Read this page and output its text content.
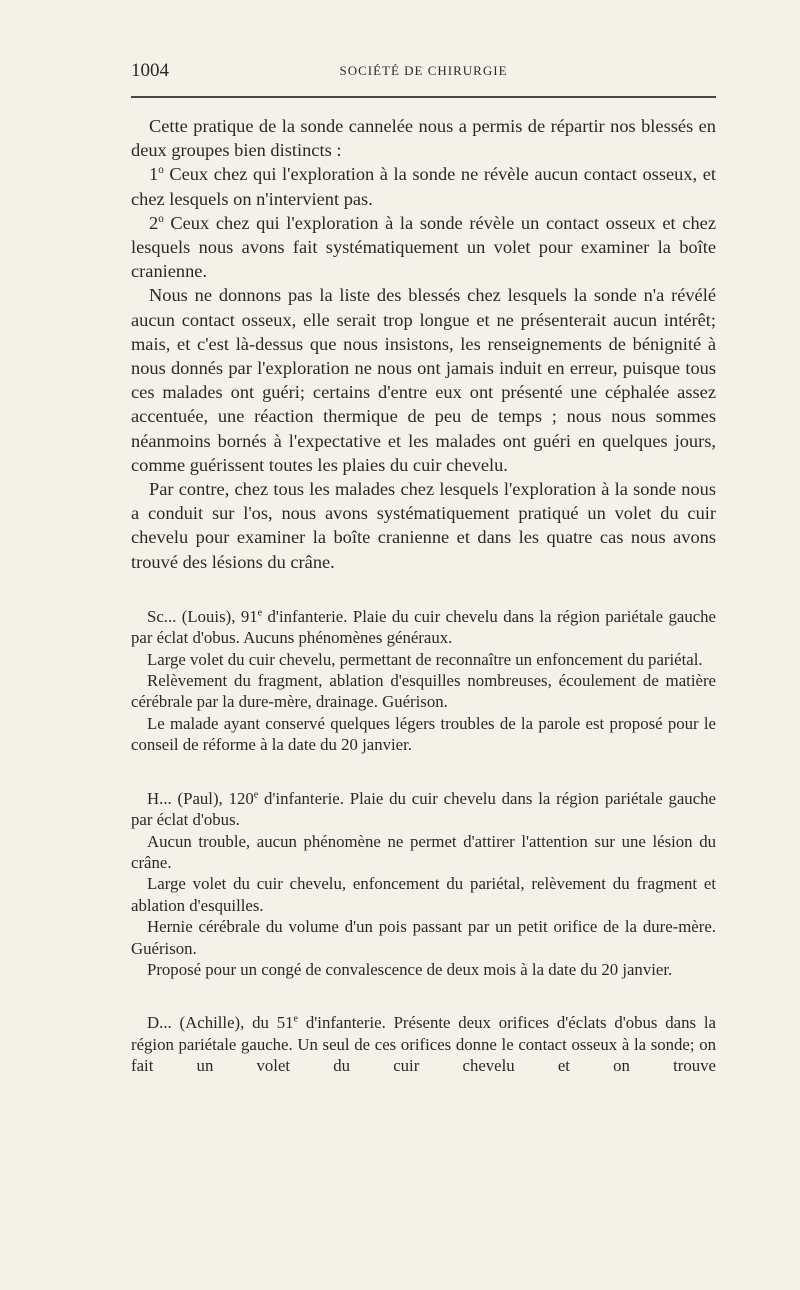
1004	SOCIÉTÉ DE CHIRURGIE

Cette pratique de la sonde cannelée nous a permis de répartir nos blessés en deux groupes bien distincts :

1$^o$ Ceux chez qui l'exploration à la sonde ne révèle aucun contact osseux, et chez lesquels on n'intervient pas.

2$^o$ Ceux chez qui l'exploration à la sonde révèle un contact osseux et chez lesquels nous avons fait systématiquement un volet pour examiner la boîte cranienne.

Nous ne donnons pas la liste des blessés chez lesquels la sonde n'a révélé aucun contact osseux, elle serait trop longue et ne présenterait aucun intérêt; mais, et c'est là-dessus que nous insistons, les renseignements de bénignité à nous donnés par l'exploration ne nous ont jamais induit en erreur, puisque tous ces malades ont guéri; certains d'entre eux ont présenté une céphalée assez accentuée, une réaction thermique de peu de temps ; nous nous sommes néanmoins bornés à l'expectative et les malades ont guéri en quelques jours, comme guérissent toutes les plaies du cuir chevelu.

Par contre, chez tous les malades chez lesquels l'exploration à la sonde nous a conduit sur l'os, nous avons systématiquement pratiqué un volet du cuir chevelu pour examiner la boîte cranienne et dans les quatre cas nous avons trouvé des lésions du crâne.

Sc... (Louis), 91e d'infanterie. Plaie du cuir chevelu dans la région pariétale gauche par éclat d'obus. Aucuns phénomènes généraux.

Large volet du cuir chevelu, permettant de reconnaître un enfoncement du pariétal.

Relèvement du fragment, ablation d'esquilles nombreuses, écoulement de matière cérébrale par la dure-mère, drainage. Guérison.

Le malade ayant conservé quelques légers troubles de la parole est proposé pour le conseil de réforme à la date du 20 janvier.

H... (Paul), 120e d'infanterie. Plaie du cuir chevelu dans la région pariétale gauche par éclat d'obus.

Aucun trouble, aucun phénomène ne permet d'attirer l'attention sur une lésion du crâne.

Large volet du cuir chevelu, enfoncement du pariétal, relèvement du fragment et ablation d'esquilles.

Hernie cérébrale du volume d'un pois passant par un petit orifice de la dure-mère. Guérison.

Proposé pour un congé de convalescence de deux mois à la date du 20 janvier.

D... (Achille), du 51e d'infanterie. Présente deux orifices d'éclats d'obus dans la région pariétale gauche. Un seul de ces orifices donne le contact osseux à la sonde; on fait un volet du cuir chevelu et on trouve
